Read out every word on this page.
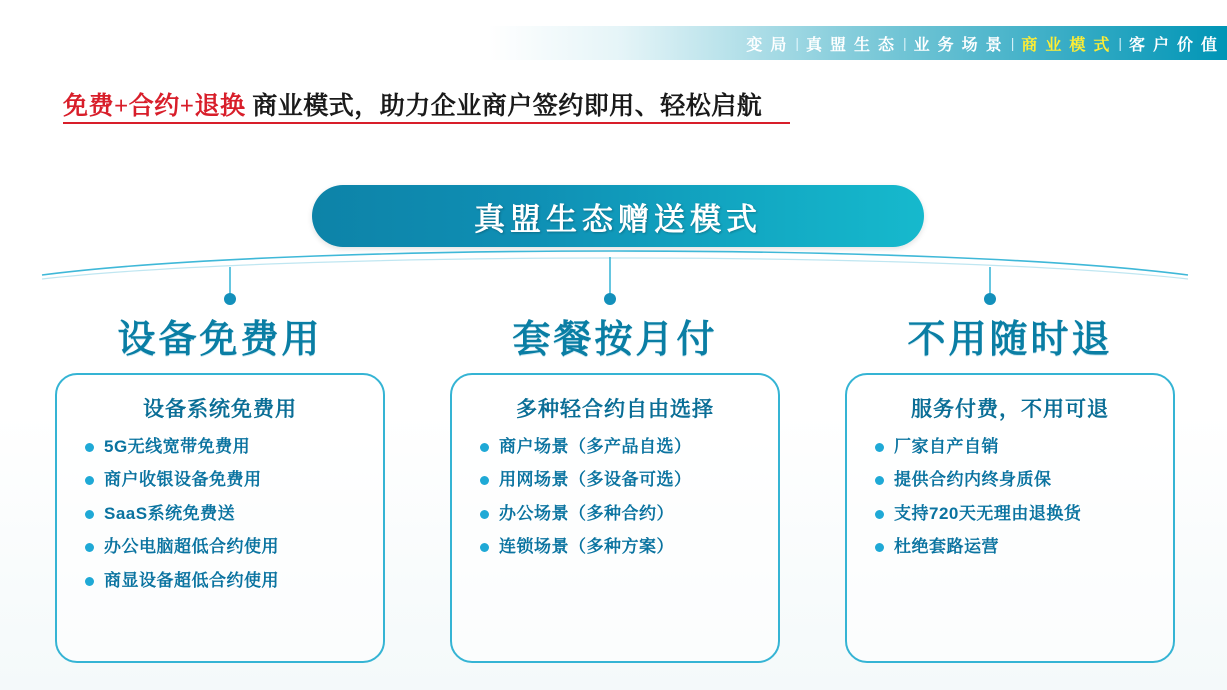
变 局 | 真 盟 生 态 | 业 务 场 景 | 商 业 模 式 | 客 户 价 值
免费+合约+退换 商业模式，助力企业商户签约即用、轻松启航
真盟生态赠送模式
设备免费用
设备系统免费用
5G无线宽带免费用
商户收银设备免费用
SaaS系统免费送
办公电脑超低合约使用
商显设备超低合约使用
套餐按月付
多种轻合约自由选择
商户场景（多产品自选）
用网场景（多设备可选）
办公场景（多种合约）
连锁场景（多种方案）
不用随时退
服务付费，不用可退
厂家自产自销
提供合约内终身质保
支持720天无理由退换货
杜绝套路运营
